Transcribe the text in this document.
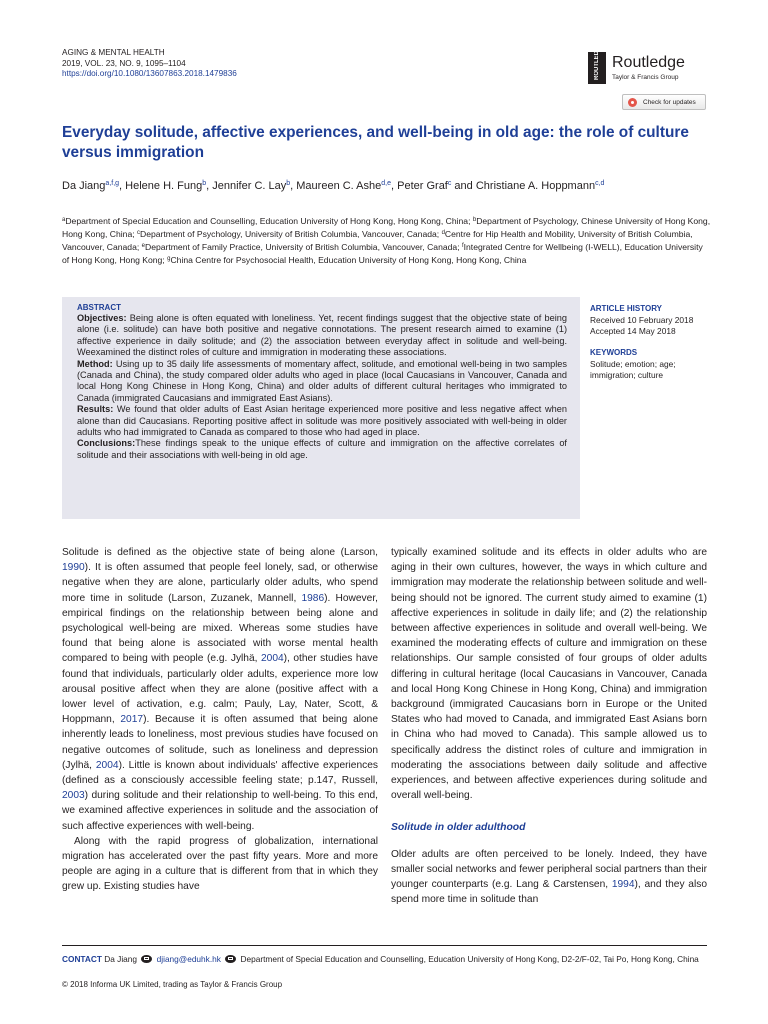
AGING & MENTAL HEALTH
2019, VOL. 23, NO. 9, 1095–1104
https://doi.org/10.1080/13607863.2018.1479836	ROUTLEDGE Routledge
Taylor & Francis Group
Check for updates
Everyday solitude, affective experiences, and well-being in old age: the role of culture versus immigration
Da Jiang$^{a,f,g}$, Helene H. Fung$^b$, Jennifer C. Lay$^b$, Maureen C. Ashe$^{d,e}$, Peter Graf$^c$ and Christiane A. Hoppmann$^{c,d}$
$^a$Department of Special Education and Counselling, Education University of Hong Kong, Hong Kong, China; $^b$Department of Psychology, Chinese University of Hong Kong, Hong Kong, China; $^c$Department of Psychology, University of British Columbia, Vancouver, Canada; $^d$Centre for Hip Health and Mobility, University of British Columbia, Vancouver, Canada; $^e$Department of Family Practice, University of British Columbia, Vancouver, Canada; $^f$Integrated Centre for Wellbeing (I-WELL), Education University of Hong Kong, Hong Kong; $^g$China Centre for Psychosocial Health, Education University of Hong Kong, Hong Kong, China
ABSTRACT

Objectives: Being alone is often equated with loneliness. Yet, recent findings suggest that the objective state of being alone (i.e. solitude) can have both positive and negative connotations. The present research aimed to examine (1) affective experience in daily solitude; and (2) the association between everyday affect in solitude and well-being. Weexamined the distinct roles of culture and immigration in moderating these associations.

Method: Using up to 35 daily life assessments of momentary affect, solitude, and emotional well-being in two samples (Canada and China), the study compared older adults who aged in place (local Caucasians in Vancouver, Canada and local Hong Kong Chinese in Hong Kong, China) and older adults of different cultural heritages who immigrated to Canada (immigrated Caucasians and immigrated East Asians).

Results: We found that older adults of East Asian heritage experienced more positive and less negative affect when alone than did Caucasians. Reporting positive affect in solitude was more positively associated with well-being in older adults who had immigrated to Canada as compared to those who had aged in place.

Conclusions:These findings speak to the unique effects of culture and immigration on the affective correlates of solitude and their associations with well-being in old age.

ARTICLE HISTORY
Received 10 February 2018
Accepted 14 May 2018
KEYWORDS
Solitude; emotion; age; immigration; culture

Solitude is defined as the objective state of being alone (Larson, 1990). It is often assumed that people feel lonely, sad, or otherwise negative when they are alone, particularly older adults, who spend more time in solitude (Larson, Zuzanek, Mannell, 1986). However, empirical findings on the relationship between being alone and psychological well-being are mixed. Whereas some studies have found that being alone is associated with worse mental health compared to being with people (e.g. Jylhä, 2004), other studies have found that individuals, particularly older adults, experience more low arousal positive affect when they are alone (positive affect with a lower level of activation, e.g. calm; Pauly, Lay, Nater, Scott, & Hoppmann, 2017). Because it is often assumed that being alone inherently leads to loneliness, most previous studies have focused on negative outcomes of solitude, such as loneliness and depression (Jylhä, 2004). Little is known about individuals' affective experiences (defined as a consciously accessible feeling state; p.147, Russell, 2003) during solitude and their relationship to well-being. To this end, we examined affective experiences in solitude and the association of such affective experiences with well-being.

Along with the rapid progress of globalization, international migration has accelerated over the past fifty years. More and more people are aging in a culture that is different from that in which they grew up. Existing studies have

typically examined solitude and its effects in older adults who are aging in their own cultures, however, the ways in which culture and immigration may moderate the relationship between solitude and well-being should not be ignored. The current study aimed to examine (1) affective experiences in solitude in daily life; and (2) the relationship between affective experiences in solitude and overall well-being. We examined the moderating effects of culture and immigration on these relationships. Our sample consisted of four groups of older adults differing in cultural heritage (local Caucasians in Vancouver, Canada and local Hong Kong Chinese in Hong Kong, China) and immigration background (immigrated Caucasians born in Europe or the United States who had moved to Canada, and immigrated East Asians born in China who had moved to Canada). This sample allowed us to specifically address the distinct roles of culture and immigration in moderating the associations between daily solitude and affective experiences, and between affective experiences during solitude and overall well-being.

Solitude in older adulthood

Older adults are often perceived to be lonely. Indeed, they have smaller social networks and fewer peripheral social partners than their younger counterparts (e.g. Lang & Carstensen, 1994), and they also spend more time in solitude than

CONTACT Da Jiang djiang@eduhk.hk Department of Special Education and Counselling, Education University of Hong Kong, D2-2/F-02, Tai Po, Hong Kong, China
© 2018 Informa UK Limited, trading as Taylor & Francis Group
